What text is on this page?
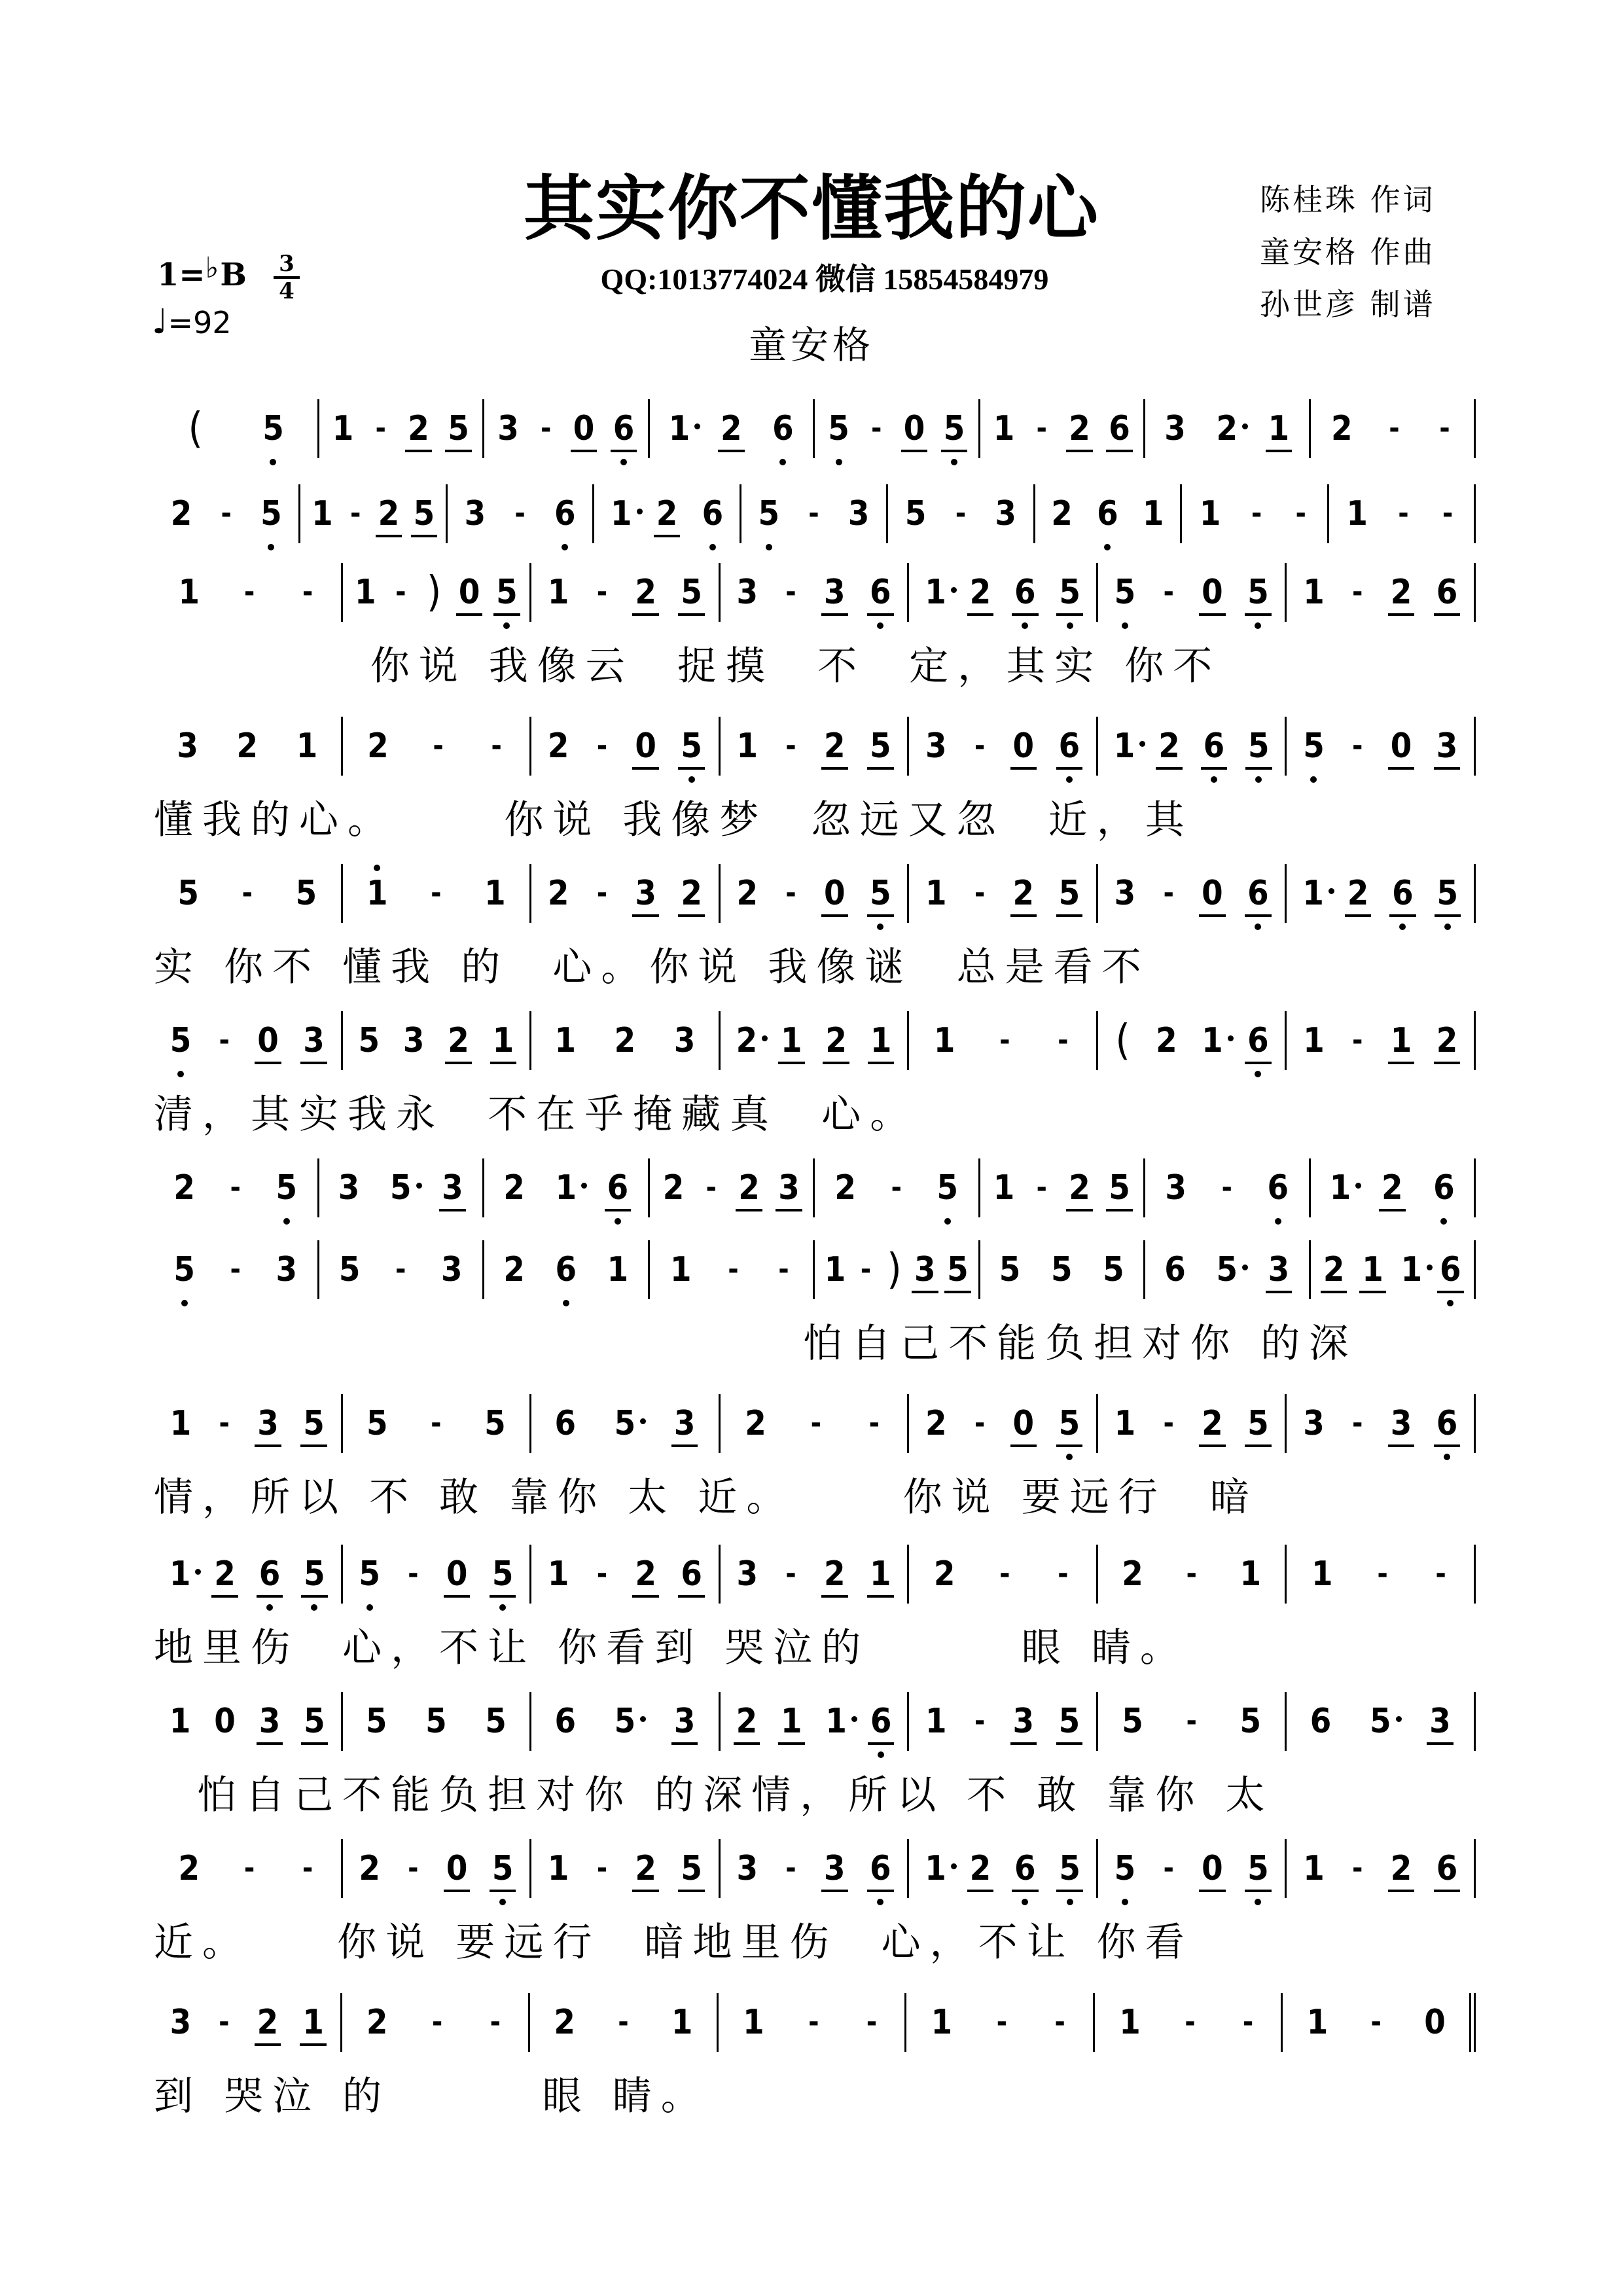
其实你不懂我的心	陈桂珠 作词
童安格 作曲
孙世彦 制谱
1=♭B 3
4
♩=92
QQ:1013774024 微信 15854584979
童安格
( 5 1 - 2 5 3 - 0 6 1 2 6 5 - 0 5 1 - 2 6 3 2 1 2 - -
2 - 5 1 - 2 5 3 - 6 1 2 6 5 - 3 5 - 3 2 6 1 1 - - 1 - -
1 - - 1 - ) 0 5 1 - 2 5 3 - 3 6 1 2 6 5 5 - 0 5 1 - 2 6
你说 我像云  捉摸  不  定，其实 你不
3 2 1 2 - - 2 - 0 5 1 - 2 5 3 - 0 6 1 2 6 5 5 - 0 3
懂我的心。     你说 我像梦  忽远又忽  近，其
5 - 5 1 - 1 2 - 3 2 2 - 0 5 1 - 2 5 3 - 0 6 1 2 6 5
实 你不 懂我 的  心。你说 我像谜  总是看不
5 - 0 3 5 3 2 1 1 2 3 2 1 2 1 1 - - ( 2 1 6 1 - 1 2
清，其实我永  不在乎掩藏真  心。
2 - 5 3 5 3 2 1 6 2 - 2 3 2 - 5 1 - 2 5 3 - 6 1 2 6
5 - 3 5 - 3 2 6 1 1 - - 1 - ) 3 5 5 5 5 6 5 3 2 1 1 6
怕自己不能负担对你 的深
1 - 3 5 5 - 5 6 5 3 2 - - 2 - 0 5 1 - 2 5 3 - 3 6
情，所以 不 敢 靠你 太 近。     你说 要远行  暗
1 2 6 5 5 - 0 5 1 - 2 6 3 - 2 1 2 - - 2 - 1 1 - -
地里伤  心，不让 你看到 哭泣的       眼 睛。
1 0 3 5 5 5 5 6 5 3 2 1 1 6 1 - 3 5 5 - 5 6 5 3
怕自己不能负担对你 的深情，所以 不 敢 靠你 太
2 - - 2 - 0 5 1 - 2 5 3 - 3 6 1 2 6 5 5 - 0 5 1 - 2 6
近。    你说 要远行  暗地里伤  心，不让 你看
3 - 2 1 2 - - 2 - 1 1 - - 1 - - 1 - - 1 - 0
到 哭泣 的       眼 睛。
